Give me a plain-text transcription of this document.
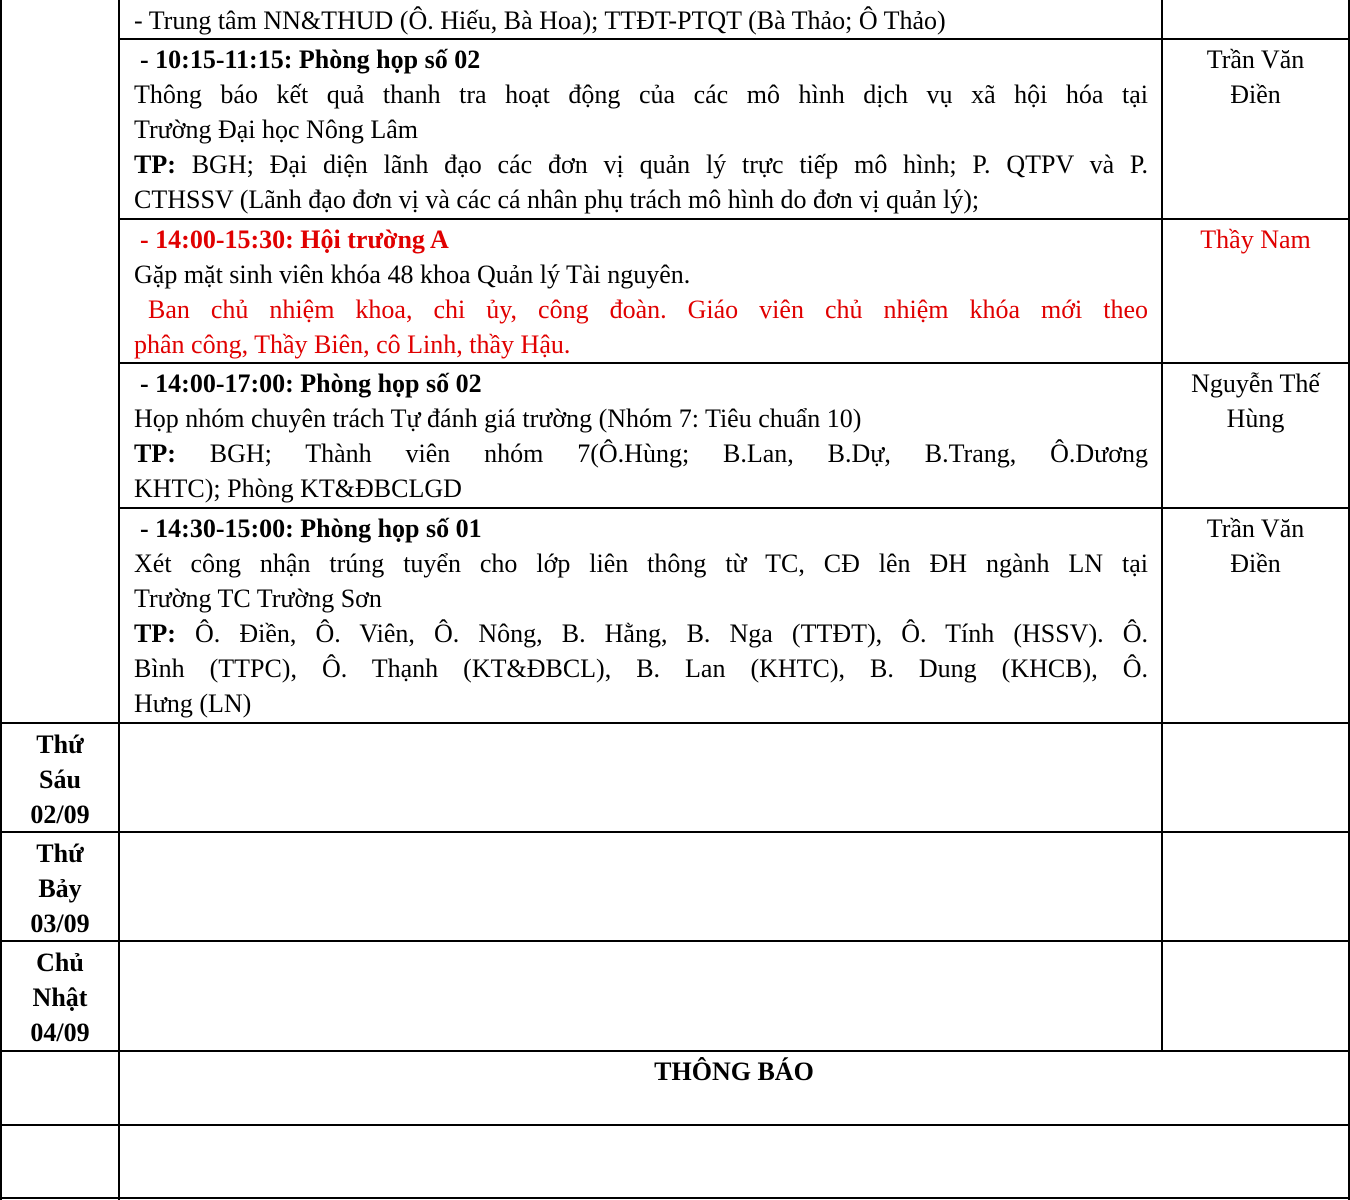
- Trung tâm NN&THUD (Ô. Hiếu, Bà Hoa); TTĐT-PTQT (Bà Thảo; Ô Thảo)
- 10:15-11:15: Phòng họp số 02
Thông báo kết quả thanh tra hoạt động của các mô hình dịch vụ xã hội hóa tại
Trường Đại học Nông Lâm
TP: BGH; Đại diện lãnh đạo các đơn vị quản lý trực tiếp mô hình; P. QTPV và P.
CTHSSV (Lãnh đạo đơn vị và các cá nhân phụ trách mô hình do đơn vị quản lý);
Trần Văn
Điền
- 14:00-15:30: Hội trường A
Gặp mặt sinh viên khóa 48 khoa Quản lý Tài nguyên.
Ban chủ nhiệm khoa, chi ủy, công đoàn. Giáo viên chủ nhiệm khóa mới theo
phân công, Thầy Biên, cô Linh, thầy Hậu.
Thầy Nam
- 14:00-17:00: Phòng họp số 02
Họp nhóm chuyên trách Tự đánh giá trường (Nhóm 7: Tiêu chuẩn 10)
TP: BGH; Thành viên nhóm 7(Ô.Hùng; B.Lan, B.Dự, B.Trang, Ô.Dương
KHTC); Phòng KT&ĐBCLGD
Nguyễn Thế
Hùng
- 14:30-15:00: Phòng họp số 01
Xét công nhận trúng tuyển cho lớp liên thông từ TC, CĐ lên ĐH ngành LN tại
Trường TC Trường Sơn
TP: Ô. Điền, Ô. Viên, Ô. Nông, B. Hằng, B. Nga (TTĐT), Ô. Tính (HSSV). Ô.
Bình (TTPC), Ô. Thạnh (KT&ĐBCL), B. Lan (KHTC), B. Dung (KHCB), Ô.
Hưng (LN)
Trần Văn
Điền
Thứ
Sáu
02/09
Thứ
Bảy
03/09
Chủ
Nhật
04/09
THÔNG BÁO
